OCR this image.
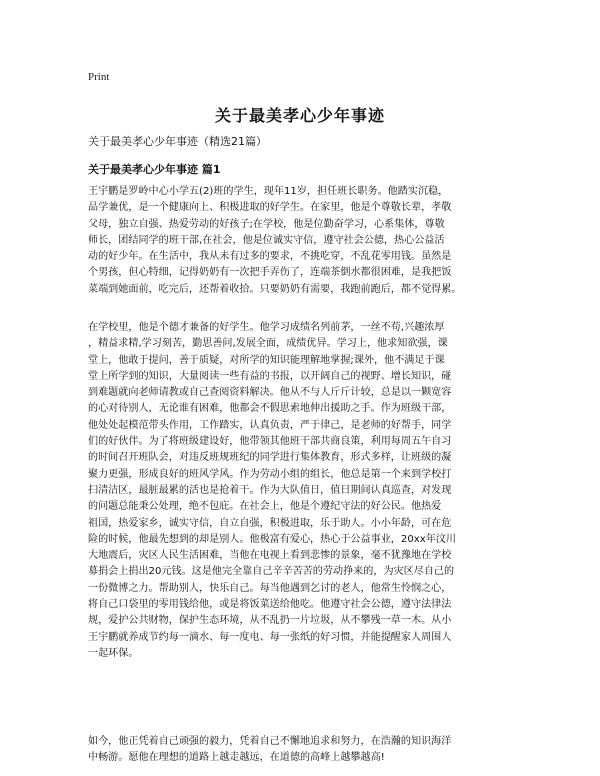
Print
关于最美孝心少年事迹

关于最美孝心少年事迹（精选21篇）

关于最美孝心少年事迹 篇1

王宇鹏是罗岭中心小学五(2)班的学生，现年11岁，担任班长职务。他踏实沉稳，
品学兼优，是一个健康向上、积极进取的好学生。在家里，他是个尊敬长辈，孝敬
父母，独立自强、热爱劳动的好孩子;在学校，他是位勤奋学习，心系集体，尊敬
师长，团结同学的班干部,在社会，他是位诚实守信，遵守社会公德，热心公益活
动的好少年。在生活中，我从未有过多的要求，不挑吃穿，不乱花零用钱。虽然是
个男孩，但心特细，记得奶奶有一次把手弄伤了，连端茶倒水都很困难，是我把饭
菜端到她面前，吃完后，还帮着收拾。只要奶奶有需要，我跑前跑后，都不觉得累。

在学校里，他是个德才兼备的好学生。他学习成绩名列前茅，一丝不苟,兴趣浓厚
，精益求精,学习刻苦，勤思善问,发展全面，成绩优异。学习上，他求知欲强，课
堂上，他敢于提问，善于质疑，对所学的知识能理解地掌握;课外，他不满足于课
堂上所学到的知识，大量阅读一些有益的书报，以开阔自己的视野、增长知识，碰
到难题就向老师请教或自己查阅资料解决。他从不与人斤斤计较，总是以一颗宽容
的心对待别人，无论谁有困难，他都会不假思索地伸出援助之手。作为班级干部，
他处处起模范带头作用，工作踏实，认真负责，严于律己，是老师的好帮手，同学
们的好伙伴。为了将班级建设好，他带领其他班干部共商良策，利用每周五午自习
的时间召开班队会，对违反班规班纪的同学进行集体教育，形式多样，让班级的凝
聚力更强，形成良好的班风学风。作为劳动小组的组长，他总是第一个来到学校打
扫清洁区，最脏最累的活也是抢着干。作为大队值日，值日期间认真巡查，对发现
的问题总能秉公处理，绝不包庇。在社会上，他是个遵纪守法的好公民。他热爱
祖国，热爱家乡，诚实守信，自立自强，积极进取，乐于助人。小小年龄，可在危
险的时候，他最先想到的却是别人。他极富有爱心，热心于公益事业，20xx年汶川
大地震后，灾区人民生活困难，当他在电视上看到悲惨的景象，毫不犹豫地在学校
募捐会上捐出20元钱。这是他完全靠自己辛辛苦苦的劳动挣来的，为灾区尽自己的
一份微博之力。帮助别人，快乐自己。每当他遇到乞讨的老人，他常生怜悯之心，
将自己口袋里的零用钱给他，或是将饭菜送给他吃。他遵守社会公德，遵守法律法
规，爱护公共财物，保护生态环境，从不乱扔一片垃圾，从不攀残一草一木。从小
王宇鹏就养成节约每一滴水、每一度电、每一张纸的好习惯，并能提醒家人周围人
一起环保。

如今，他正凭着自己顽强的毅力，凭着自己不懈地追求和努力，在浩瀚的知识海洋
中畅游。愿他在理想的道路上越走越远，在道德的高峰上越攀越高!
